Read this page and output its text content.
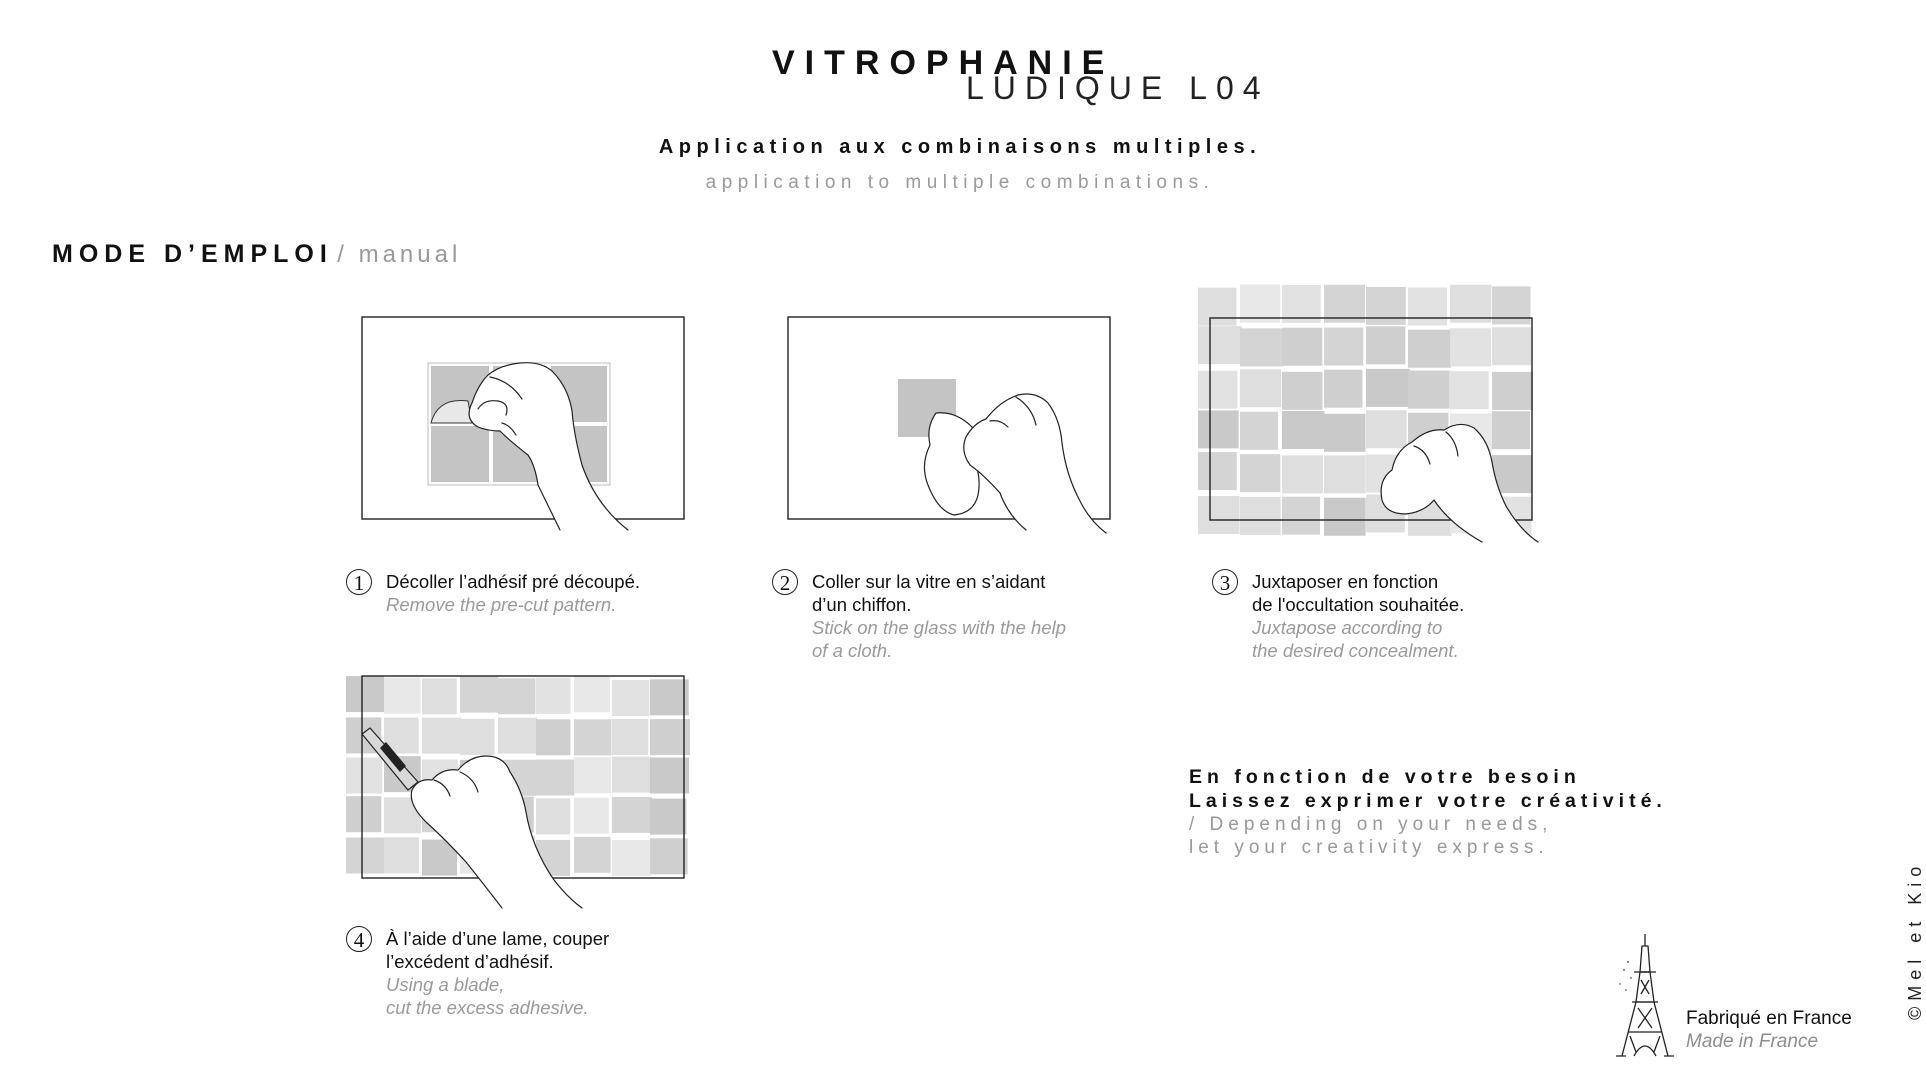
VITROPHANIE
LUDIQUE L04
Application aux combinaisons multiples.
application to multiple combinations.
MODE D’EMPLOI / manual
1	Décoller l’adhésif pré découpé.
Remove the pre-cut pattern.
2	Coller sur la vitre en s’aidant
d’un chiffon.
Stick on the glass with the help
of a cloth.
3	Juxtaposer en fonction
de l'occultation souhaitée.
Juxtapose according to
the desired concealment.
4	À l’aide d’une lame, couper
l’excédent d’adhésif.
Using a blade,
cut the excess adhesive.
En fonction de votre besoin
Laissez exprimer votre créativité.
/ Depending on your needs,
let your creativity express.
Fabriqué en France
Made in France
©Mel et Kio
